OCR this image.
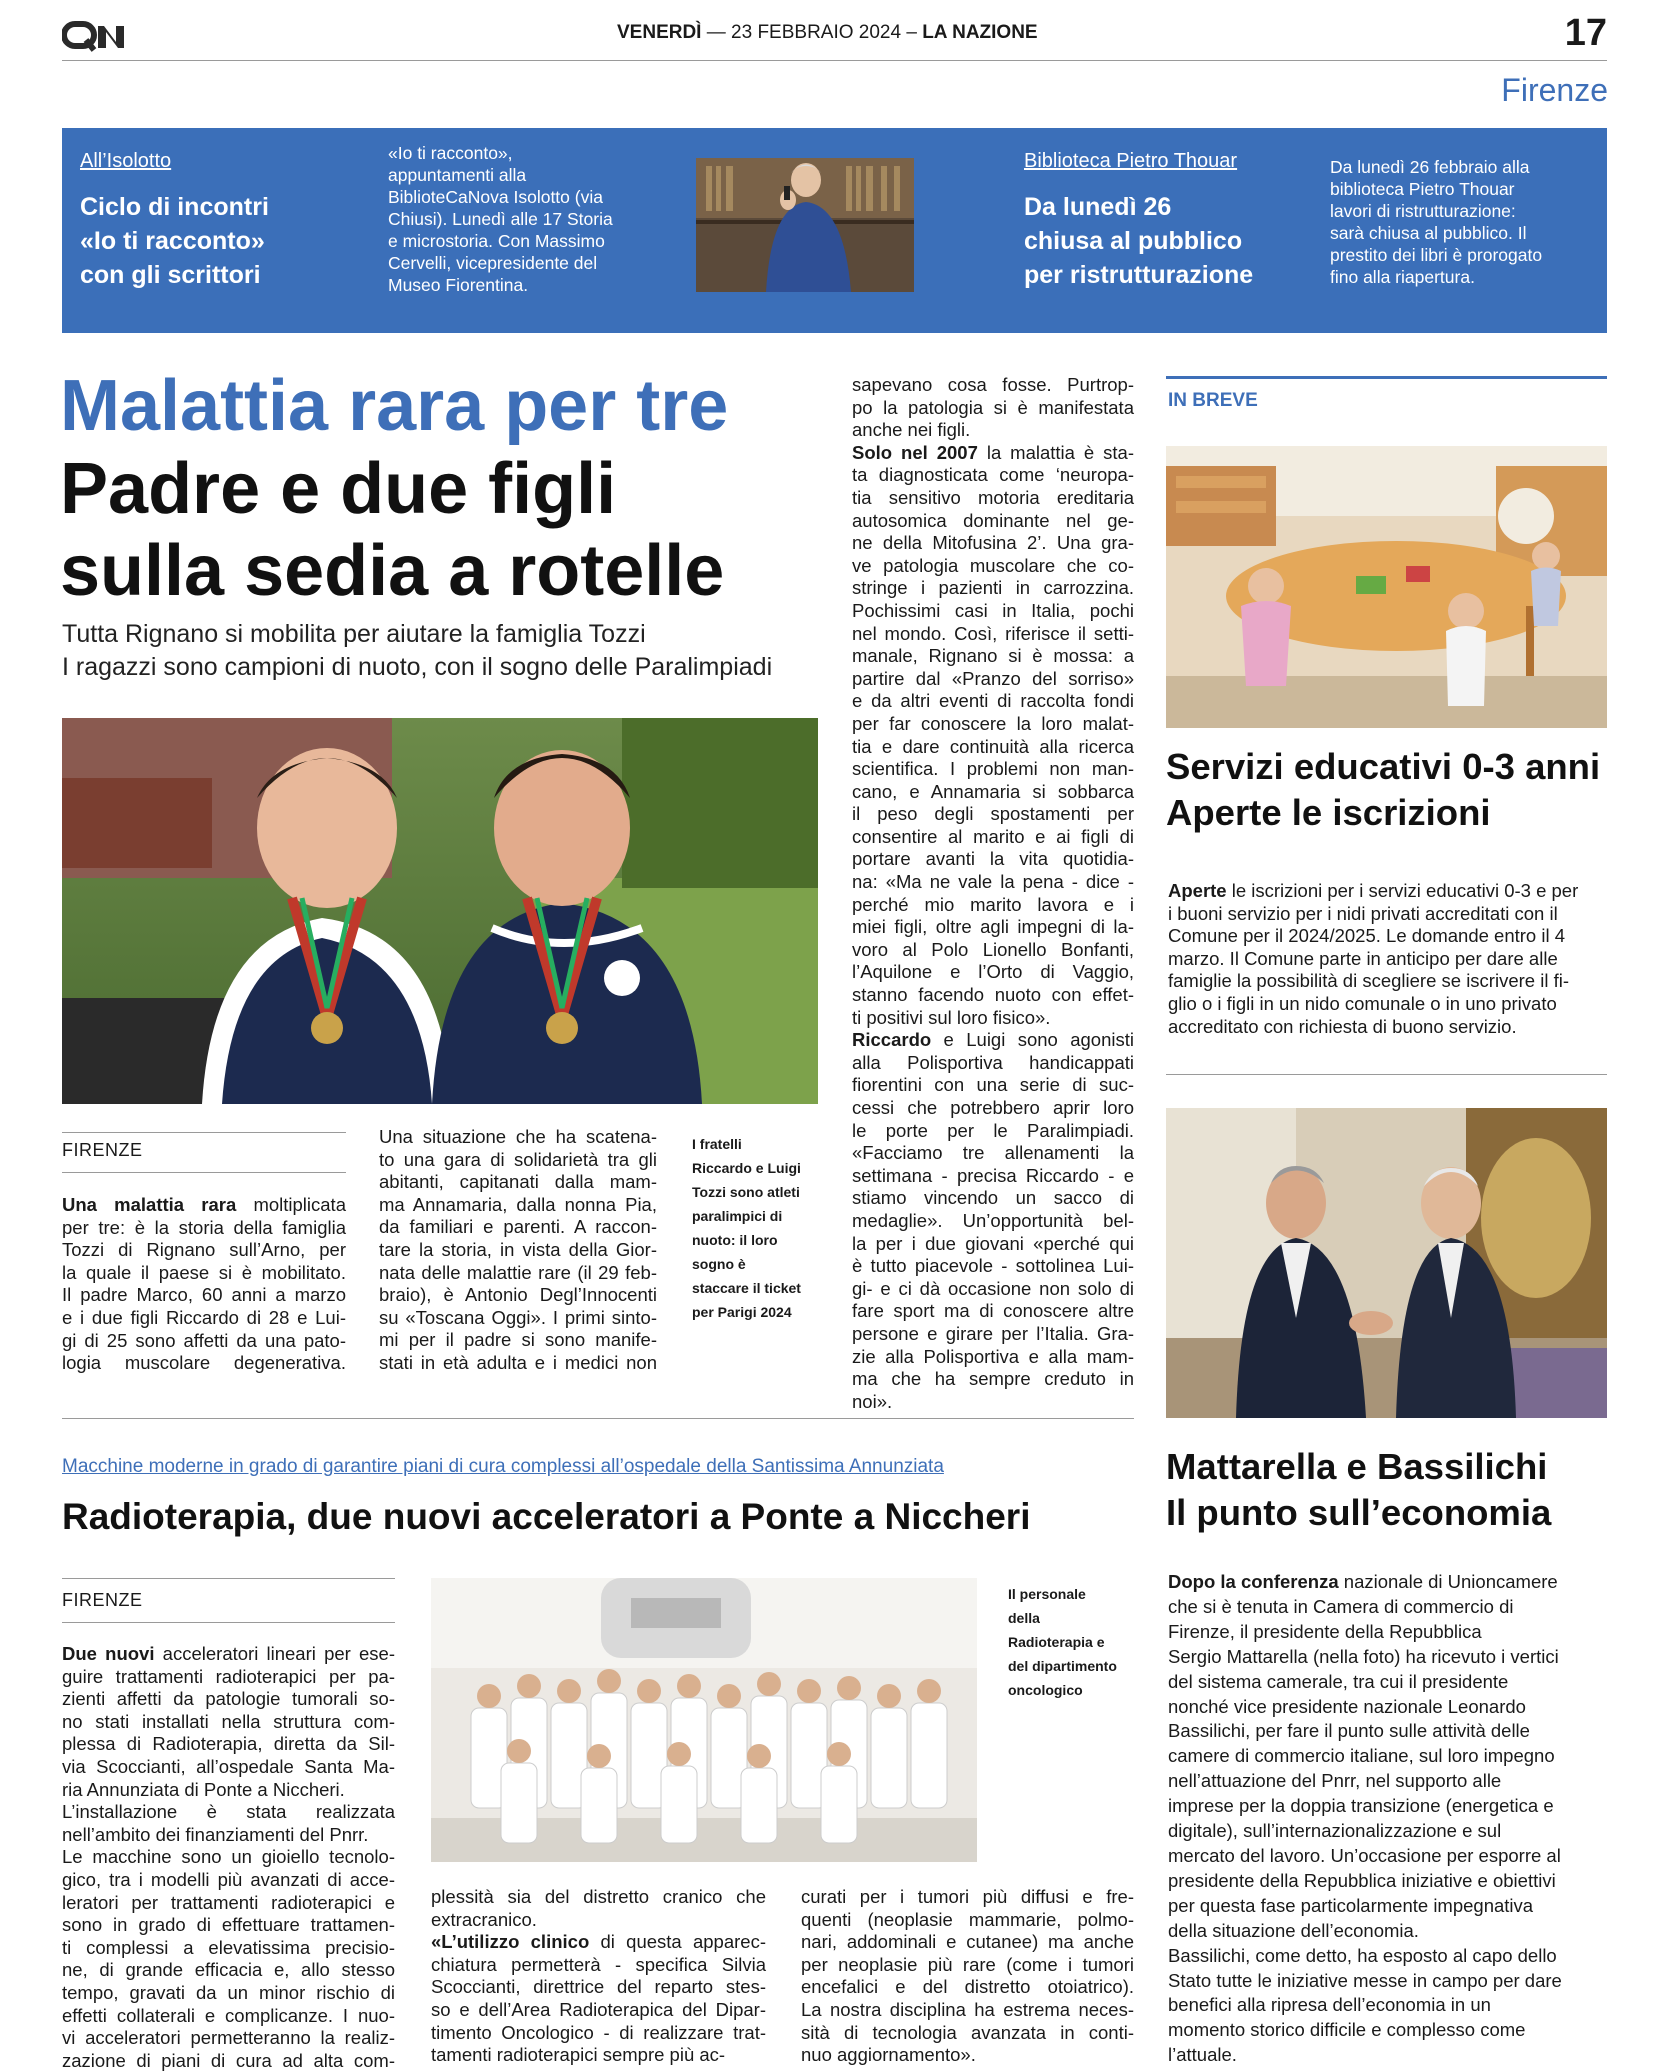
VENERDÌ — 23 FEBBRAIO 2024 – LA NAZIONE	17
Firenze
All’Isolotto
Ciclo di incontri
«Io ti racconto»
con gli scrittori
«Io ti racconto»,
appuntamenti alla
BiblioteCaNova Isolotto (via
Chiusi). Lunedì alle 17 Storia
e microstoria. Con Massimo
Cervelli, vicepresidente del
Museo Fiorentina.
Biblioteca Pietro Thouar
Da lunedì 26
chiusa al pubblico
per ristrutturazione
Da lunedì 26 febbraio alla
biblioteca Pietro Thouar
lavori di ristrutturazione:
sarà chiusa al pubblico. Il
prestito dei libri è prorogato
fino alla riapertura.
Malattia rara per tre
Padre e due figli
sulla sedia a rotelle
Tutta Rignano si mobilita per aiutare la famiglia Tozzi
I ragazzi sono campioni di nuoto, con il sogno delle Paralimpiadi
FIRENZE
Una malattia rara moltiplicata
per tre: è la storia della famiglia
Tozzi di Rignano sull’Arno, per
la quale il paese si è mobilitato.
Il padre Marco, 60 anni a marzo
e i due figli Riccardo di 28 e Lui-
gi di 25 sono affetti da una pato-
logia muscolare degenerativa.
Una situazione che ha scatena-
to una gara di solidarietà tra gli
abitanti, capitanati dalla mam-
ma Annamaria, dalla nonna Pia,
da familiari e parenti. A raccon-
tare la storia, in vista della Gior-
nata delle malattie rare (il 29 feb-
braio), è Antonio Degl’Innocenti
su «Toscana Oggi». I primi sinto-
mi per il padre si sono manife-
stati in età adulta e i medici non
I fratelli
Riccardo e Luigi
Tozzi sono atleti
paralimpici di
nuoto: il loro
sogno è
staccare il ticket
per Parigi 2024
sapevano cosa fosse. Purtrop-
po la patologia si è manifestata
anche nei figli.
Solo nel 2007 la malattia è sta-
ta diagnosticata come ‘neuropa-
tia sensitivo motoria ereditaria
autosomica dominante nel ge-
ne della Mitofusina 2’. Una gra-
ve patologia muscolare che co-
stringe i pazienti in carrozzina.
Pochissimi casi in Italia, pochi
nel mondo. Così, riferisce il setti-
manale, Rignano si è mossa: a
partire dal «Pranzo del sorriso»
e da altri eventi di raccolta fondi
per far conoscere la loro malat-
tia e dare continuità alla ricerca
scientifica. I problemi non man-
cano, e Annamaria si sobbarca
il peso degli spostamenti per
consentire al marito e ai figli di
portare avanti la vita quotidia-
na: «Ma ne vale la pena - dice -
perché mio marito lavora e i
miei figli, oltre agli impegni di la-
voro al Polo Lionello Bonfanti,
l’Aquilone e l’Orto di Vaggio,
stanno facendo nuoto con effet-
ti positivi sul loro fisico».
Riccardo e Luigi sono agonisti
alla Polisportiva handicappati
fiorentini con una serie di suc-
cessi che potrebbero aprir loro
le porte per le Paralimpiadi.
«Facciamo tre allenamenti la
settimana - precisa Riccardo - e
stiamo vincendo un sacco di
medaglie». Un’opportunità bel-
la per i due giovani «perché qui
è tutto piacevole - sottolinea Lui-
gi- e ci dà occasione non solo di
fare sport ma di conoscere altre
persone e girare per l’Italia. Gra-
zie alla Polisportiva e alla mam-
ma che ha sempre creduto in
noi».
IN BREVE
Servizi educativi 0-3 anni
Aperte le iscrizioni
Aperte le iscrizioni per i servizi educativi 0-3 e per
i buoni servizio per i nidi privati accreditati con il
Comune per il 2024/2025. Le domande entro il 4
marzo. Il Comune parte in anticipo per dare alle
famiglie la possibilità di scegliere se iscrivere il fi-
glio o i figli in un nido comunale o in uno privato
accreditato con richiesta di buono servizio.
Mattarella e Bassilichi
Il punto sull’economia
Dopo la conferenza nazionale di Unioncamere
che si è tenuta in Camera di commercio di
Firenze, il presidente della Repubblica
Sergio Mattarella (nella foto) ha ricevuto i vertici
del sistema camerale, tra cui il presidente
nonché vice presidente nazionale Leonardo
Bassilichi, per fare il punto sulle attività delle
camere di commercio italiane, sul loro impegno
nell’attuazione del Pnrr, nel supporto alle
imprese per la doppia transizione (energetica e
digitale), sull’internazionalizzazione e sul
mercato del lavoro. Un’occasione per esporre al
presidente della Repubblica iniziative e obiettivi
per questa fase particolarmente impegnativa
della situazione dell’economia.
Bassilichi, come detto, ha esposto al capo dello
Stato tutte le iniziative messe in campo per dare
benefici alla ripresa dell’economia in un
momento storico difficile e complesso come
l’attuale.
Macchine moderne in grado di garantire piani di cura complessi all’ospedale della Santissima Annunziata
Radioterapia, due nuovi acceleratori a Ponte a Niccheri
FIRENZE
Due nuovi acceleratori lineari per ese-
guire trattamenti radioterapici per pa-
zienti affetti da patologie tumorali so-
no stati installati nella struttura com-
plessa di Radioterapia, diretta da Sil-
via Scoccianti, all’ospedale Santa Ma-
ria Annunziata di Ponte a Niccheri.
L’installazione è stata realizzata
nell’ambito dei finanziamenti del Pnrr.
Le macchine sono un gioiello tecnolo-
gico, tra i modelli più avanzati di acce-
leratori per trattamenti radioterapici e
sono in grado di effettuare trattamen-
ti complessi a elevatissima precisio-
ne, di grande efficacia e, allo stesso
tempo, gravati da un minor rischio di
effetti collaterali e complicanze. I nuo-
vi acceleratori permetteranno la realiz-
zazione di piani di cura ad alta com-
Il personale
della
Radioterapia e
del dipartimento
oncologico
plessità sia del distretto cranico che
extracranico.
«L’utilizzo clinico di questa apparec-
chiatura permetterà - specifica Silvia
Scoccianti, direttrice del reparto stes-
so e dell’Area Radioterapica del Dipar-
timento Oncologico - di realizzare trat-
tamenti radioterapici sempre più ac-
curati per i tumori più diffusi e fre-
quenti (neoplasie mammarie, polmo-
nari, addominali e cutanee) ma anche
per neoplasie più rare (come i tumori
encefalici e del distretto otoiatrico).
La nostra disciplina ha estrema neces-
sità di tecnologia avanzata in conti-
nuo aggiornamento».
